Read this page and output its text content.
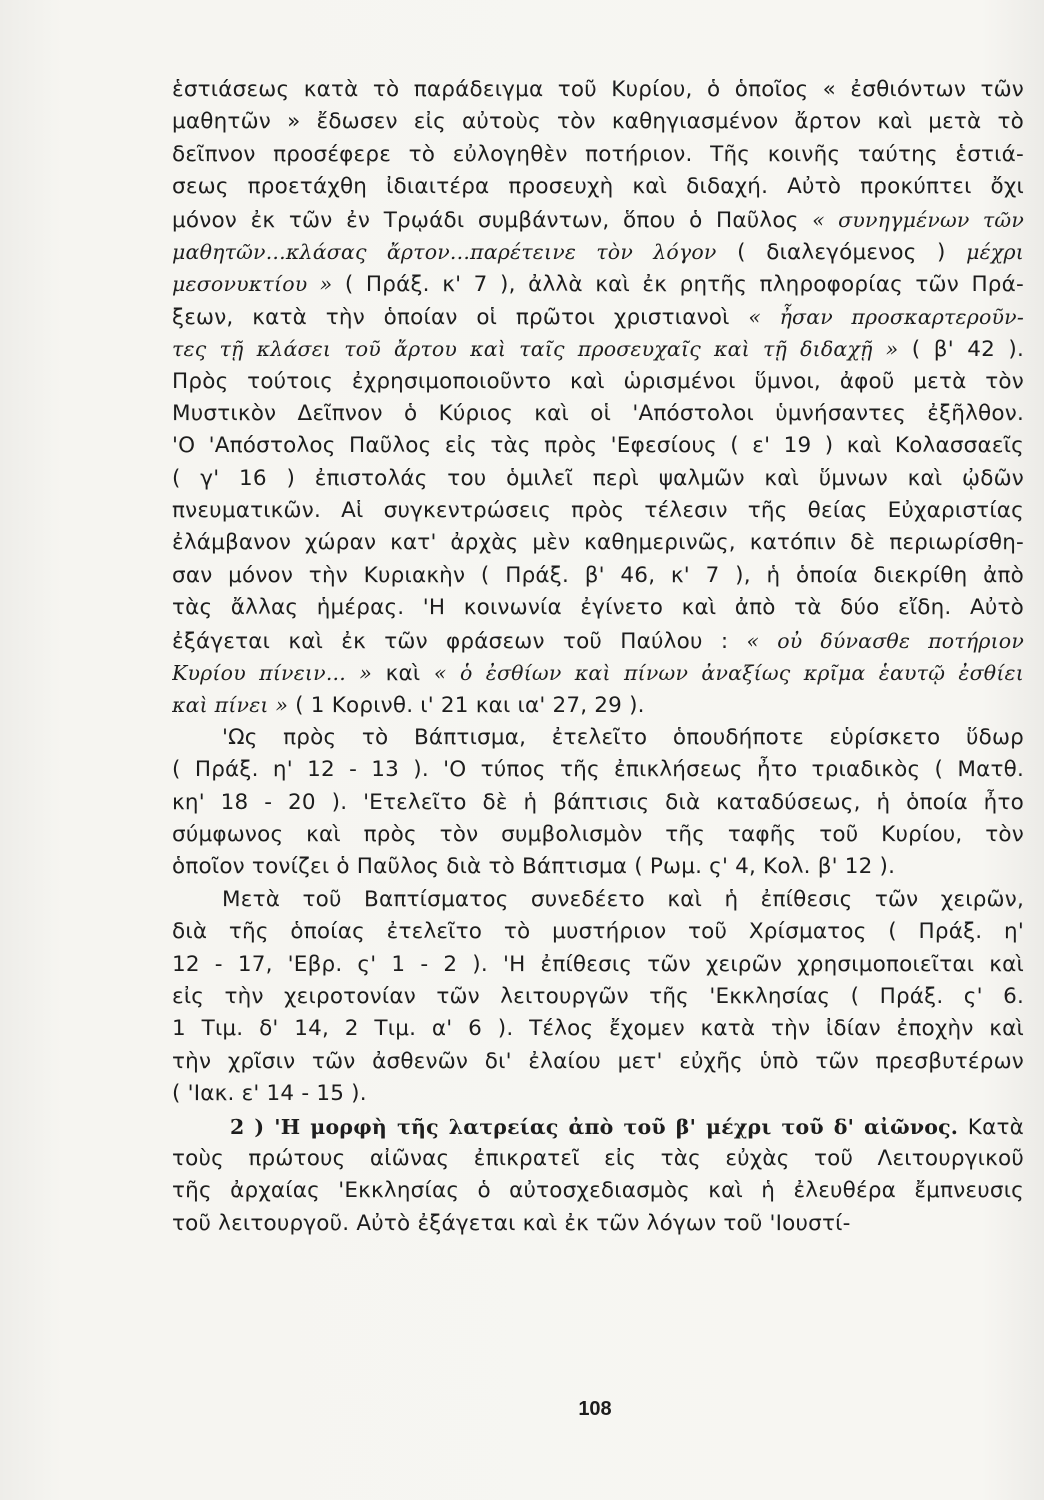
ἑστιάσεως κατὰ τὸ παράδειγμα τοῦ Κυρίου, ὁ ὁποῖος « ἐσθιόντων τῶν
μαθητῶν » ἔδωσεν εἰς αὐτοὺς τὸν καθηγιασμένον ἄρτον καὶ μετὰ τὸ
δεῖπνον προσέφερε τὸ εὐλογηθὲν ποτήριον. Τῆς κοινῆς ταύτης ἑστιά-
σεως προετάχθη ἰδιαιτέρα προσευχὴ καὶ διδαχή. Αὐτὸ προκύπτει ὄχι
μόνον ἐκ τῶν ἐν Τρῳάδι συμβάντων, ὅπου ὁ Παῦλος « συνηγμένων τῶν
μαθητῶν...κλάσας ἄρτον...παρέτεινε τὸν λόγον ( διαλεγόμενος ) μέχρι
μεσονυκτίου » ( Πράξ. κ' 7 ), ἀλλὰ καὶ ἐκ ρητῆς πληροφορίας τῶν Πρά-
ξεων, κατὰ τὴν ὁποίαν οἱ πρῶτοι χριστιανοὶ « ἦσαν προσκαρτεροῦν-
τες τῇ κλάσει τοῦ ἄρτου καὶ ταῖς προσευχαῖς καὶ τῇ διδαχῇ » ( β' 42 ).
Πρὸς τούτοις ἐχρησιμοποιοῦντο καὶ ὡρισμένοι ὕμνοι, ἀφοῦ μετὰ τὸν
Μυστικὸν Δεῖπνον ὁ Κύριος καὶ οἱ 'Απόστολοι ὑμνήσαντες ἐξῆλθον.
'Ο 'Απόστολος Παῦλος εἰς τὰς πρὸς 'Εφεσίους ( ε' 19 ) καὶ Κολασσαεῖς
( γ' 16 ) ἐπιστολάς του ὁμιλεῖ περὶ ψαλμῶν καὶ ὕμνων καὶ ᾠδῶν
πνευματικῶν. Αἱ συγκεντρώσεις πρὸς τέλεσιν τῆς θείας Εὐχαριστίας
ἐλάμβανον χώραν κατ' ἀρχὰς μὲν καθημερινῶς, κατόπιν δὲ περιωρίσθη-
σαν μόνον τὴν Κυριακὴν ( Πράξ. β' 46, κ' 7 ), ἡ ὁποία διεκρίθη ἀπὸ
τὰς ἄλλας ἡμέρας. 'Η κοινωνία ἐγίνετο καὶ ἀπὸ τὰ δύο εἴδη. Αὐτὸ
ἐξάγεται καὶ ἐκ τῶν φράσεων τοῦ Παύλου : « οὐ δύνασθε ποτήριον
Κυρίου πίνειν... » καὶ « ὁ ἐσθίων καὶ πίνων ἀναξίως κρῖμα ἑαυτῷ ἐσθίει
καὶ πίνει » ( 1 Κορινθ. ι' 21 και ια' 27, 29 ).
'Ως πρὸς τὸ Βάπτισμα, ἐτελεῖτο ὁπουδήποτε εὑρίσκετο ὕδωρ
( Πράξ. η' 12 - 13 ). 'Ο τύπος τῆς ἐπικλήσεως ἦτο τριαδικὸς ( Ματθ.
κη' 18 - 20 ). 'Ετελεῖτο δὲ ἡ βάπτισις διὰ καταδύσεως, ἡ ὁποία ἦτο
σύμφωνος καὶ πρὸς τὸν συμβολισμὸν τῆς ταφῆς τοῦ Κυρίου, τὸν
ὁποῖον τονίζει ὁ Παῦλος διὰ τὸ Βάπτισμα ( Ρωμ. ς' 4, Κολ. β' 12 ).
Μετὰ τοῦ Βαπτίσματος συνεδέετο καὶ ἡ ἐπίθεσις τῶν χειρῶν,
διὰ τῆς ὁποίας ἐτελεῖτο τὸ μυστήριον τοῦ Χρίσματος ( Πράξ. η'
12 - 17, 'Εβρ. ς' 1 - 2 ). 'Η ἐπίθεσις τῶν χειρῶν χρησιμοποιεῖται καὶ
εἰς τὴν χειροτονίαν τῶν λειτουργῶν τῆς 'Εκκλησίας ( Πράξ. ς' 6.
1 Τιμ. δ' 14, 2 Τιμ. α' 6 ). Τέλος ἔχομεν κατὰ τὴν ἰδίαν ἐποχὴν καὶ
τὴν χρῖσιν τῶν ἀσθενῶν δι' ἐλαίου μετ' εὐχῆς ὑπὸ τῶν πρεσβυτέρων
( 'Ιακ. ε' 14 - 15 ).
2 ) 'Η μορφὴ τῆς λατρείας ἀπὸ τοῦ β' μέχρι τοῦ δ' αἰῶνος. Κατὰ
τοὺς πρώτους αἰῶνας ἐπικρατεῖ εἰς τὰς εὐχὰς τοῦ Λειτουργικοῦ
τῆς ἀρχαίας 'Εκκλησίας ὁ αὐτοσχεδιασμὸς καὶ ἡ ἐλευθέρα ἔμπνευσις
τοῦ λειτουργοῦ. Αὐτὸ ἐξάγεται καὶ ἐκ τῶν λόγων τοῦ 'Ιουστί-
108
